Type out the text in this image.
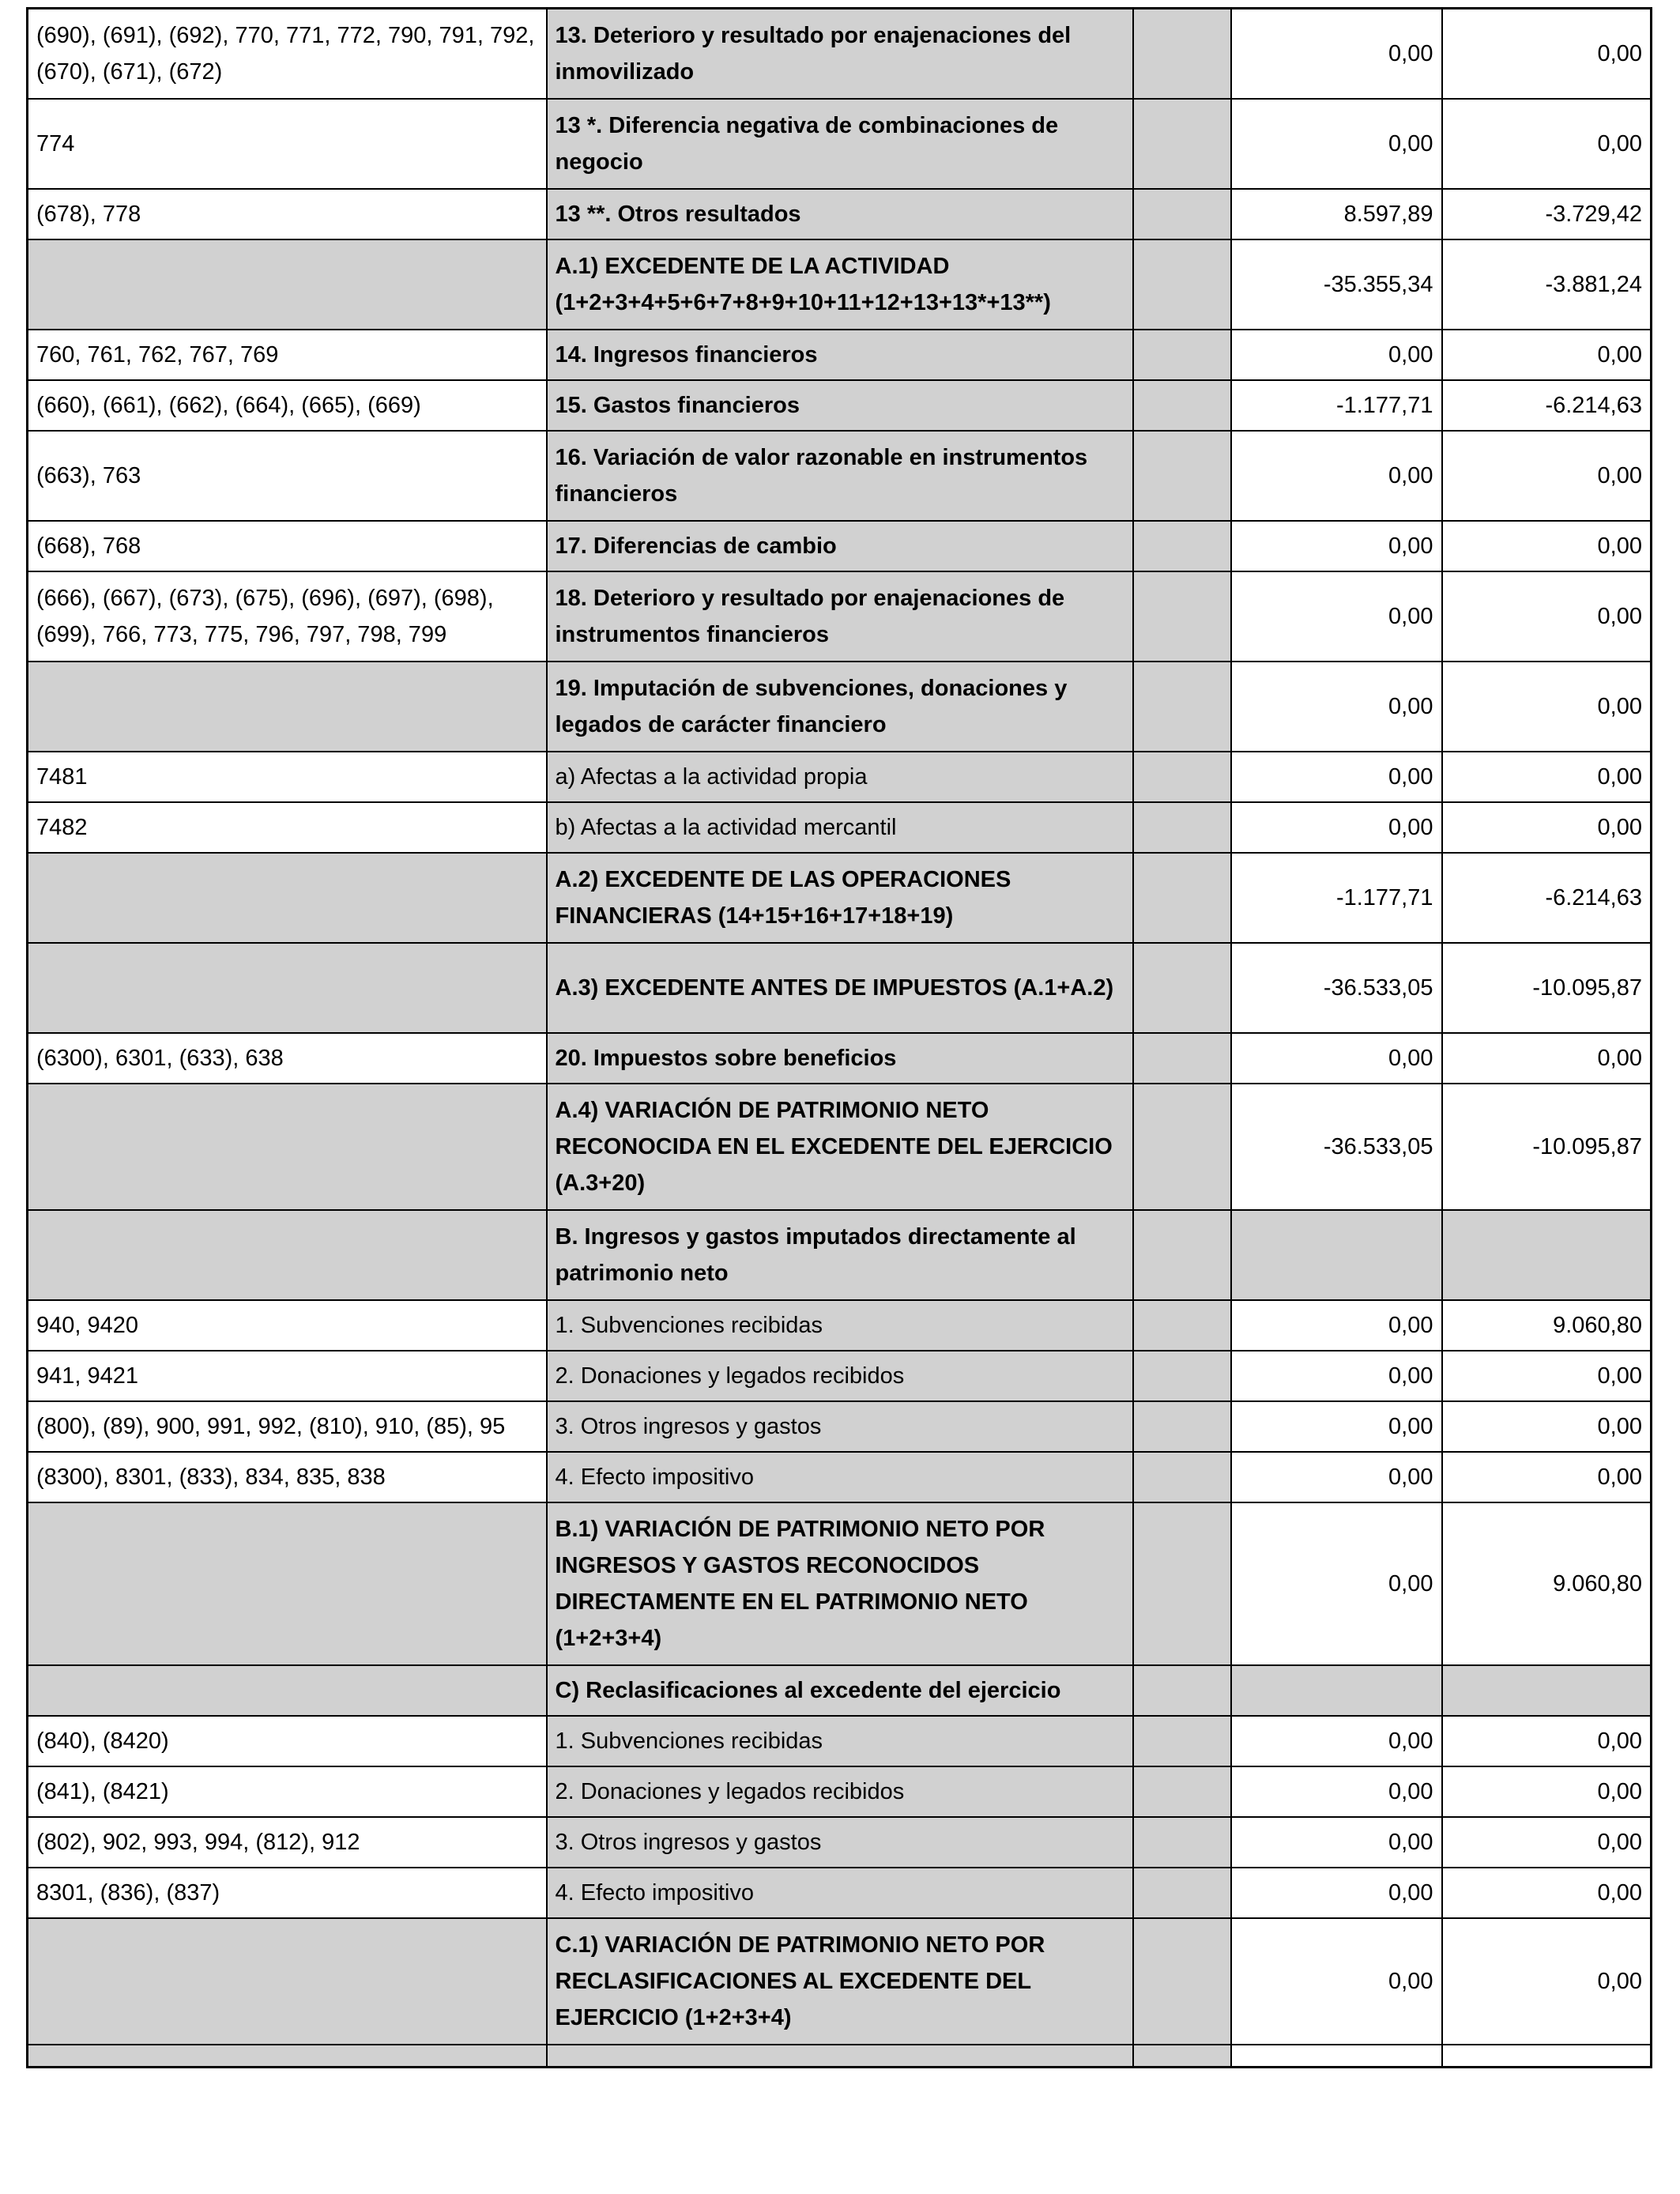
(690), (691), (692), 770, 771, 772, 790, 791, 792, (670), (671), (672)	13. Deterioro y resultado por enajenaciones del inmovilizado		0,00	0,00
774	13 *. Diferencia negativa de combinaciones de negocio		0,00	0,00
(678), 778	13 **. Otros resultados		8.597,89	-3.729,42
	A.1) EXCEDENTE DE LA ACTIVIDAD (1+2+3+4+5+6+7+8+9+10+11+12+13+13*+13**)		-35.355,34	-3.881,24
760, 761, 762, 767, 769	14. Ingresos financieros		0,00	0,00
(660), (661), (662), (664), (665), (669)	15. Gastos financieros		-1.177,71	-6.214,63
(663), 763	16. Variación de valor razonable en instrumentos financieros		0,00	0,00
(668), 768	17. Diferencias de cambio		0,00	0,00
(666), (667), (673), (675), (696), (697), (698), (699), 766, 773, 775, 796, 797, 798, 799	18. Deterioro y resultado por enajenaciones de instrumentos financieros		0,00	0,00
	19. Imputación de subvenciones, donaciones y legados de carácter financiero		0,00	0,00
7481	a) Afectas a la actividad propia		0,00	0,00
7482	b) Afectas a la actividad mercantil		0,00	0,00
	A.2) EXCEDENTE DE LAS OPERACIONES FINANCIERAS (14+15+16+17+18+19)		-1.177,71	-6.214,63
	A.3) EXCEDENTE ANTES DE IMPUESTOS (A.1+A.2)		-36.533,05	-10.095,87
(6300), 6301, (633), 638	20. Impuestos sobre beneficios		0,00	0,00
	A.4) VARIACIÓN DE PATRIMONIO NETO RECONOCIDA EN EL EXCEDENTE DEL EJERCICIO (A.3+20)		-36.533,05	-10.095,87
	B. Ingresos y gastos imputados directamente al patrimonio neto			
940, 9420	1. Subvenciones recibidas		0,00	9.060,80
941, 9421	2. Donaciones y legados recibidos		0,00	0,00
(800), (89), 900, 991, 992, (810), 910, (85), 95	3. Otros ingresos y gastos		0,00	0,00
(8300), 8301, (833), 834, 835, 838	4. Efecto impositivo		0,00	0,00
	B.1) VARIACIÓN DE PATRIMONIO NETO POR INGRESOS Y GASTOS RECONOCIDOS DIRECTAMENTE EN EL PATRIMONIO NETO (1+2+3+4)		0,00	9.060,80
	C) Reclasificaciones al excedente del ejercicio			
(840), (8420)	1. Subvenciones recibidas		0,00	0,00
(841), (8421)	2. Donaciones y legados recibidos		0,00	0,00
(802), 902, 993, 994, (812), 912	3. Otros ingresos y gastos		0,00	0,00
8301, (836), (837)	4. Efecto impositivo		0,00	0,00
	C.1) VARIACIÓN DE PATRIMONIO NETO POR RECLASIFICACIONES AL EXCEDENTE DEL EJERCICIO (1+2+3+4)		0,00	0,00
